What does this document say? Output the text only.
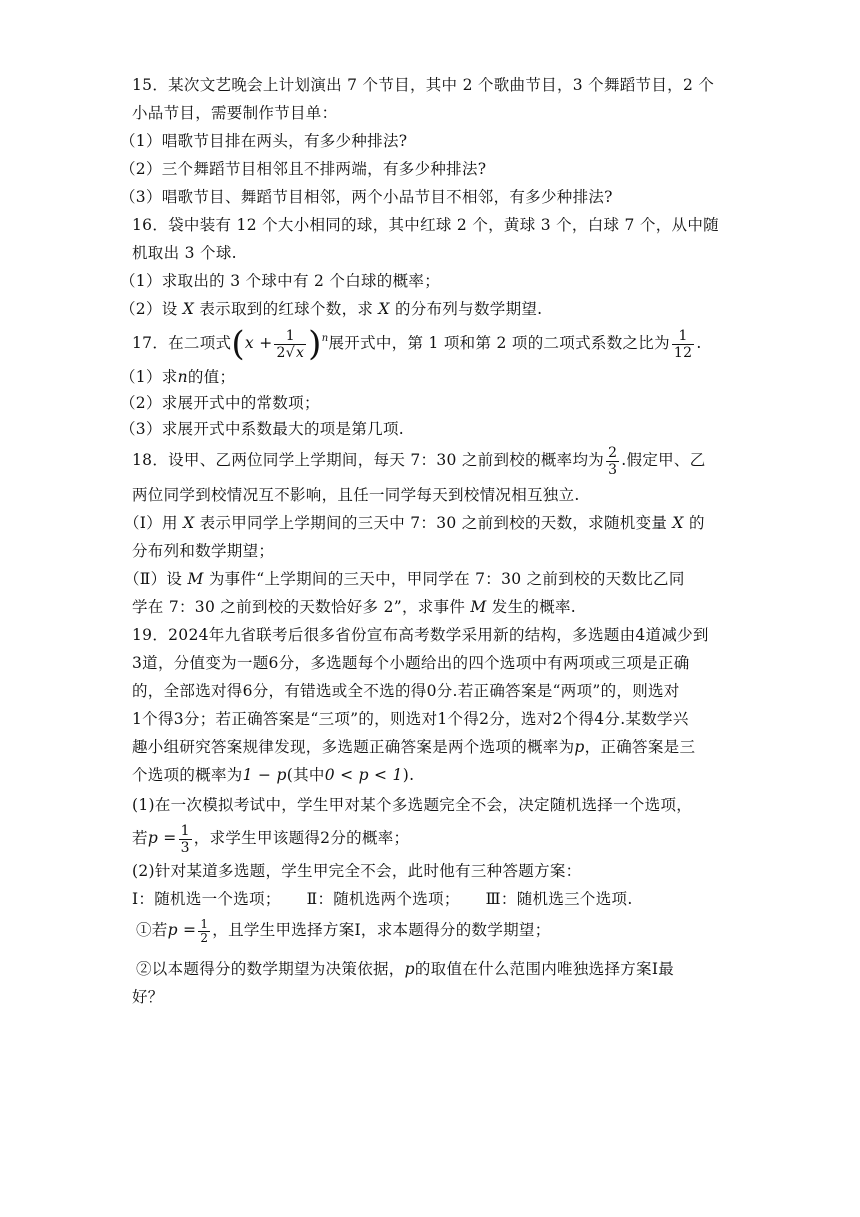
15．某次文艺晚会上计划演出 7 个节目，其中 2 个歌曲节目，3 个舞蹈节目，2 个
小品节目，需要制作节目单：
（1）唱歌节目排在两头，有多少种排法?
（2）三个舞蹈节目相邻且不排两端，有多少种排法?
（3）唱歌节目、舞蹈节目相邻，两个小品节目不相邻，有多少种排法?
16．袋中装有 12 个大小相同的球，其中红球 2 个，黄球 3 个，白球 7 个，从中随
机取出 3 个球.
（1）求取出的 3 个球中有 2 个白球的概率；
（2）设 X 表示取到的红球个数，求 X 的分布列与数学期望.
17．在二项式$(x + \frac{1}{2√x} )^n$展开式中，第 1 项和第 2 项的二项式系数之比为 $\frac{1}{12}$ .
（1）求n的值；
（2）求展开式中的常数项；
（3）求展开式中系数最大的项是第几项.
18．设甲、乙两位同学上学期间，每天 7：30 之前到校的概率均为 $\frac{2}{3}$ .假定甲、乙
两位同学到校情况互不影响，且任一同学每天到校情况相互独立.
（Ⅰ）用 X 表示甲同学上学期间的三天中 7：30 之前到校的天数，求随机变量 X 的
分布列和数学期望；
（Ⅱ）设 M 为事件“上学期间的三天中，甲同学在 7：30 之前到校的天数比乙同
学在 7：30 之前到校的天数恰好多 2”，求事件 M 发生的概率.
19．2024年九省联考后很多省份宣布高考数学采用新的结构，多选题由4道减少到
3道，分值变为一题6分，多选题每个小题给出的四个选项中有两项或三项是正确
的，全部选对得6分，有错选或全不选的得0分.若正确答案是“两项”的，则选对
1个得3分；若正确答案是“三项”的，则选对1个得2分，选对2个得4分.某数学兴
趣小组研究答案规律发现，多选题正确答案是两个选项的概率为p，正确答案是三
个选项的概率为1 − p(其中0 < p < 1).
(1)在一次模拟考试中，学生甲对某个多选题完全不会，决定随机选择一个选项，
若$p = \frac{1}{3}$ ，求学生甲该题得2分的概率；
(2)针对某道多选题，学生甲完全不会，此时他有三种答题方案：
Ⅰ：随机选一个选项； Ⅱ：随机选两个选项； Ⅲ：随机选三个选项.
①若$p = \frac{1}{2}$ ，且学生甲选择方案Ⅰ，求本题得分的数学期望；
②以本题得分的数学期望为决策依据，p的取值在什么范围内唯独选择方案Ⅰ最
好？
